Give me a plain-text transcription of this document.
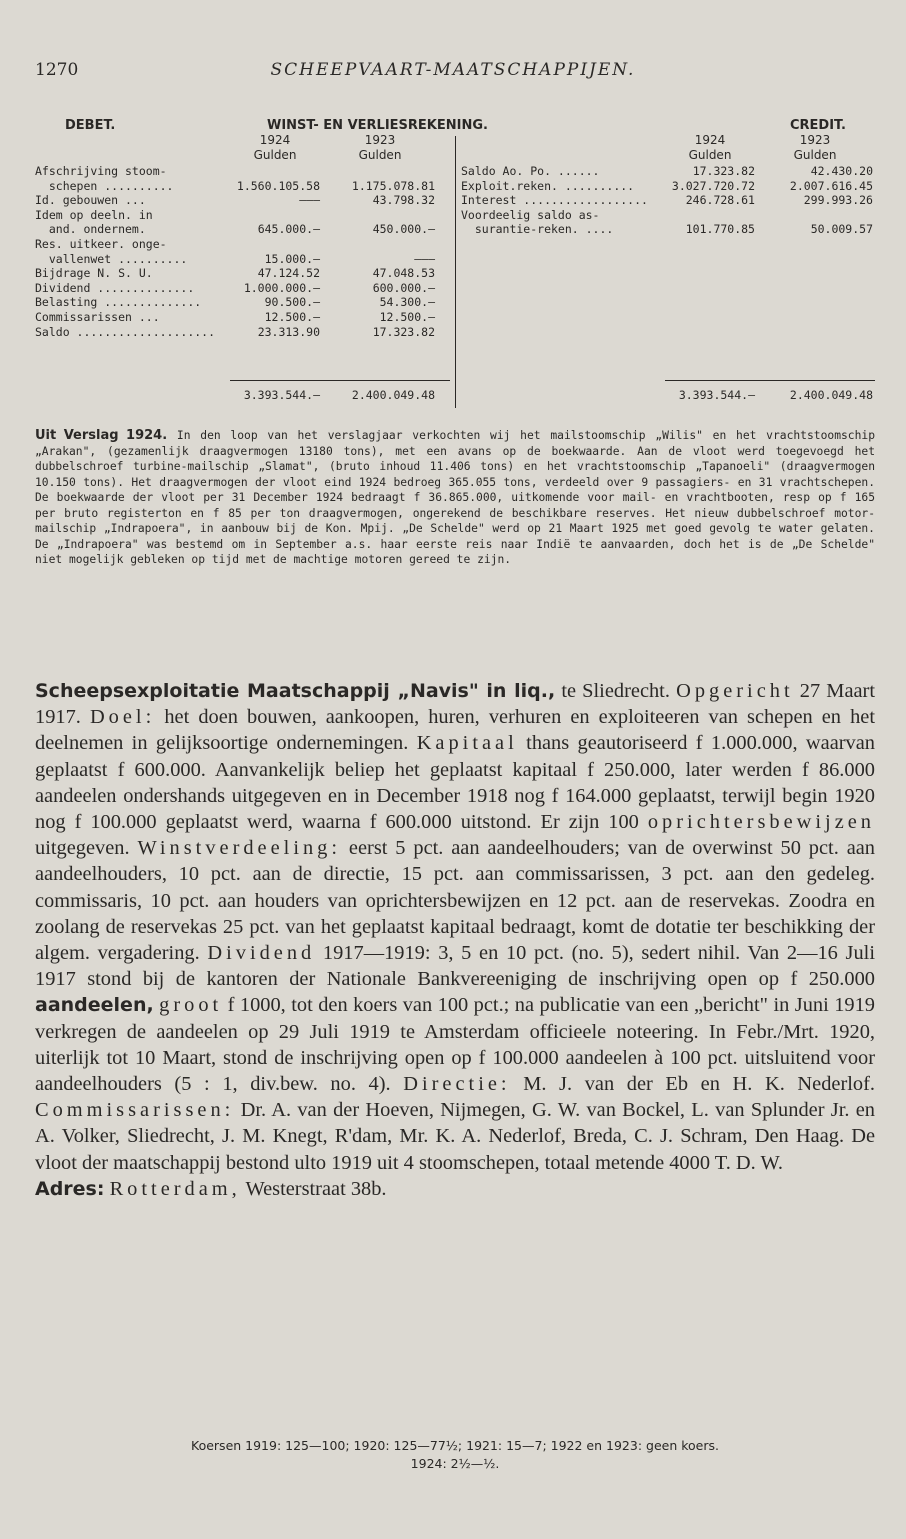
1270	SCHEEPVAART-MAATSCHAPPIJEN.
DEBET.	WINST- EN VERLIESREKENING.	CREDIT.
1924	1923
Gulden	Gulden
1924	1923
Gulden	Gulden
Afschrijving stoom-
schepen ..........	1.560.105.58	1.175.078.81
Id. gebouwen ...	———	43.798.32
Idem op deeln. in
and. ondernem.	645.000.—	450.000.—
Res. uitkeer. onge-
vallenwet ..........	15.000.—	———
Bijdrage N. S. U.	47.124.52	47.048.53
Dividend ..............	1.000.000.—	600.000.—
Belasting ..............	90.500.—	54.300.—
Commissarissen ...	12.500.—	12.500.—
Saldo ....................	23.313.90	17.323.82
Saldo Ao. Po. ......	17.323.82	42.430.20
Exploit.reken. ..........	3.027.720.72	2.007.616.45
Interest ..................	246.728.61	299.993.26
Voordeelig saldo as-
surantie-reken. ....	101.770.85	50.009.57
3.393.544.—	2.400.049.48	3.393.544.—	2.400.049.48
Uit Verslag 1924. In den loop van het verslagjaar verkochten wij het mailstoomschip „Wilis" en het vrachtstoomschip „Arakan", (gezamenlijk draagvermogen 13180 tons), met een avans op de boekwaarde. Aan de vloot werd toegevoegd het dubbelschroef turbine-mailschip „Slamat", (bruto inhoud 11.406 tons) en het vrachtstoomschip „Tapanoeli" (draagvermogen 10.150 tons). Het draagvermogen der vloot eind 1924 bedroeg 365.055 tons, verdeeld over 9 passagiers- en 31 vrachtschepen. De boekwaarde der vloot per 31 December 1924 bedraagt f 36.865.000, uitkomende voor mail- en vrachtbooten, resp op f 165 per bruto registerton en f 85 per ton draagvermogen, ongerekend de beschikbare reserves. Het nieuw dubbelschroef motor-mailschip „Indrapoera", in aanbouw bij de Kon. Mpij. „De Schelde" werd op 21 Maart 1925 met goed gevolg te water gelaten. De „Indrapoera" was bestemd om in September a.s. haar eerste reis naar Indië te aanvaarden, doch het is de „De Schelde" niet mogelijk gebleken op tijd met de machtige motoren gereed te zijn.
Scheepsexploitatie Maatschappij „Navis" in liq., te Sliedrecht. Opgericht 27 Maart 1917. Doel: het doen bouwen, aankoopen, huren, verhuren en exploiteeren van schepen en het deelnemen in gelijksoortige ondernemingen. Kapitaal thans geautoriseerd f 1.000.000, waarvan geplaatst f 600.000. Aanvankelijk beliep het geplaatst kapitaal f 250.000, later werden f 86.000 aandeelen ondershands uitgegeven en in December 1918 nog f 164.000 geplaatst, terwijl begin 1920 nog f 100.000 geplaatst werd, waarna f 600.000 uitstond. Er zijn 100 oprichtersbewijzen uitgegeven. Winstverdeeling: eerst 5 pct. aan aandeelhouders; van de overwinst 50 pct. aan aandeelhouders, 10 pct. aan de directie, 15 pct. aan commissarissen, 3 pct. aan den gedeleg. commissaris, 10 pct. aan houders van oprichtersbewijzen en 12 pct. aan de reservekas. Zoodra en zoolang de reservekas 25 pct. van het geplaatst kapitaal bedraagt, komt de dotatie ter beschikking der algem. vergadering. Dividend 1917—1919: 3, 5 en 10 pct. (no. 5), sedert nihil. Van 2—16 Juli 1917 stond bij de kantoren der Nationale Bankvereeniging de inschrijving open op f 250.000 aandeelen, groot f 1000, tot den koers van 100 pct.; na publicatie van een „bericht" in Juni 1919 verkregen de aandeelen op 29 Juli 1919 te Amsterdam officieele noteering. In Febr./Mrt. 1920, uiterlijk tot 10 Maart, stond de inschrijving open op f 100.000 aandeelen à 100 pct. uitsluitend voor aandeelhouders (5 : 1, div.bew. no. 4). Directie: M. J. van der Eb en H. K. Nederlof. Commissarissen: Dr. A. van der Hoeven, Nijmegen, G. W. van Bockel, L. van Splunder Jr. en A. Volker, Sliedrecht, J. M. Knegt, R'dam, Mr. K. A. Nederlof, Breda, C. J. Schram, Den Haag. De vloot der maatschappij bestond ulto 1919 uit 4 stoomschepen, totaal metende 4000 T. D. W.
Adres: Rotterdam, Westerstraat 38b.
Koersen 1919: 125—100; 1920: 125—77½; 1921: 15—7; 1922 en 1923: geen koers.
1924: 2½—½.
